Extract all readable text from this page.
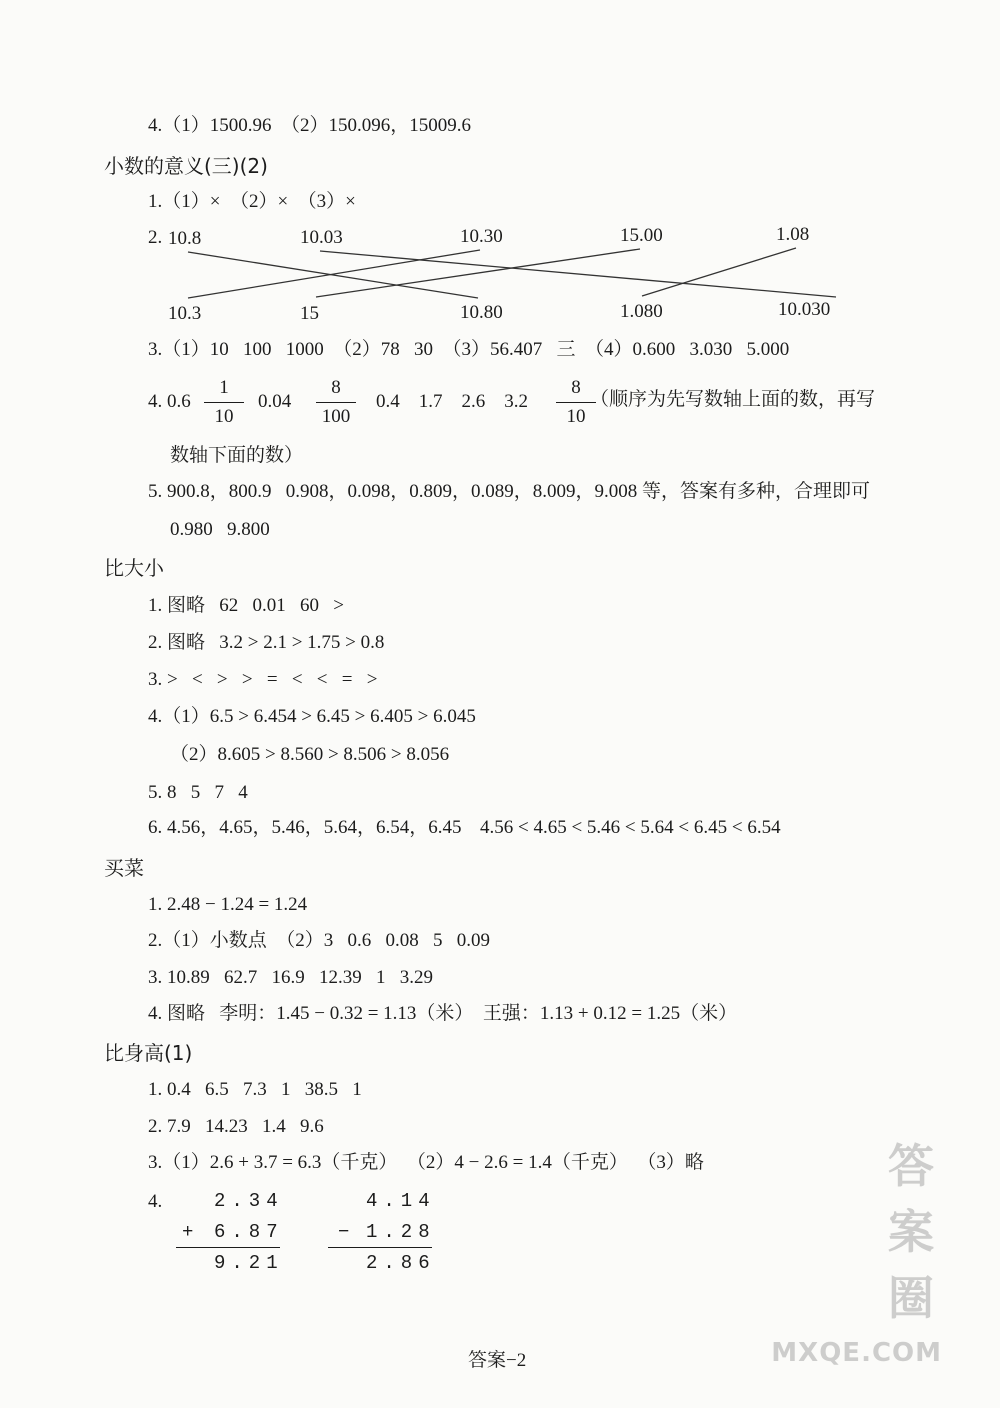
4.（1）1500.96  （2）150.096，15009.6
小数的意义(三)(2)
1.（1）×  （2）×  （3）×
2. 10.8	10.03	10.30	15.00	1.08
10.3	15	10.80	1.080	10.030
3.（1）10   100   1000  （2）78   30  （3）56.407   三  （4）0.600   3.030   5.000
4. 0.6
1
10
0.04
8
100
0.4    1.7    2.6    3.2
8
10
（顺序为先写数轴上面的数，再写
数轴下面的数）
5. 900.8，800.9   0.908，0.098，0.809，0.089，8.009，9.008 等，答案有多种，合理即可
0.980   9.800
比大小
1. 图略   62   0.01   60   >
2. 图略   3.2 > 2.1 > 1.75 > 0.8
3. >   <   >   >   =   <   <   =   >
4.（1）6.5 > 6.454 > 6.45 > 6.405 > 6.045
（2）8.605 > 8.560 > 8.506 > 8.056
5. 8   5   7   4
6. 4.56，4.65，5.46，5.64，6.54，6.45 4.56 < 4.65 < 5.46 < 5.64 < 6.45 < 6.54
买菜
1. 2.48 − 1.24 = 1.24
2.（1）小数点  （2）3   0.6   0.08   5   0.09
3. 10.89   62.7   16.9   12.39   1   3.29
4. 图略   李明：1.45 − 0.32 = 1.13（米）  王强：1.13 + 0.12 = 1.25（米）
比身高(1)
1. 0.4   6.5   7.3   1   38.5   1
2. 7.9   14.23   1.4   9.6
3.（1）2.6 + 3.7 = 6.3（千克）  （2）4 − 2.6 = 1.4（千克）  （3）略
4.	2.34
+ 6.87
9.21
4.14
− 1.28
2.86
答案−2
答案圈
MXQE.COM
